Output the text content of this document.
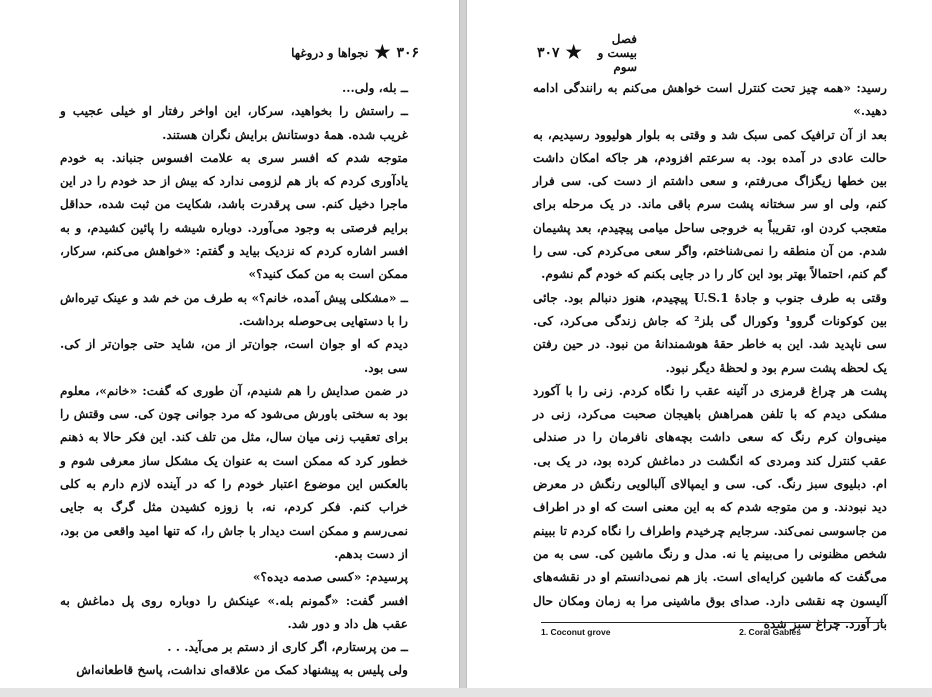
۳۰۶
★
نجواها و دروغها

ــ بله، ولی...

ــ راستش را بخواهید، سرکار، این اواخر رفتار او خیلی عجیب و غریب شده. همهٔ دوستانش برایش نگران هستند.

متوجه شدم که افسر سری به علامت افسوس جنباند. به خودم یادآوری کردم که باز هم لزومی ندارد که بیش از حد خودم را در این ماجرا دخیل کنم. سی پرقدرت باشد، شکایت من ثبت شده، حداقل برایم فرصتی به وجود می‌آورد. دوباره شیشه را پائین کشیدم، و به افسر اشاره کردم که نزدیک بیاید و گفتم: «خواهش می‌کنم، سرکار، ممکن است به من کمک کنید؟»

ــ «مشکلی پیش آمده، خانم؟» به طرف من خم شد و عینک تیره‌اش را با دستهایی بی‌حوصله برداشت.

دیدم که او جوان است، جوان‌تر از من، شاید حتی جوان‌تر از کی. سی بود.

در ضمن صدایش را هم شنیدم، آن طوری که گفت: «خانم»، معلوم بود به سختی باورش می‌شود که مرد جوانی چون کی. سی وقتش را برای تعقیب زنی میان سال، مثل من تلف کند. این فکر حالا به ذهنم خطور کرد که ممکن است به عنوان یک مشکل ساز معرفی شوم و بالعکس این موضوع اعتبار خودم را که در آینده لازم دارم به کلی خراب کنم. فکر کردم، نه، با زوزه کشیدن مثل گرگ به جایی نمی‌رسم و ممکن است دیدار با جاش را، که تنها امید واقعی من بود، از دست بدهم.

پرسیدم: «کسی صدمه دیده؟»

افسر گفت: «گمونم بله.» عینکش را دوباره روی پل دماغش به عقب هل داد و دور شد.

ــ من پرستارم، اگر کاری از دستم بر می‌آید. . .

ولی پلیس به پیشنهاد کمک من علاقه‌ای نداشت، پاسخ قاطعانه‌اش

فصل بیست و سوم
★
۳۰۷

رسید: «همه چیز تحت کنترل است خواهش می‌کنم به رانندگی ادامه دهید.»

بعد از آن ترافیک کمی سبک شد و وقتی به بلوار هولیوود رسیدیم، به حالت عادی در آمده بود. به سرعتم افزودم، هر جاکه امکان داشت بین خطها زیگزاگ می‌رفتم، و سعی داشتم از دست کی. سی فرار کنم، ولی او سر سختانه پشت سرم باقی ماند. در یک مرحله برای متعجب کردن او، تقریباً به خروجی ساحل میامی پیچیدم، بعد پشیمان شدم. من آن منطقه را نمی‌شناختم، واگر سعی می‌کردم کی. سی را گم کنم، احتمالاً بهتر بود این کار را در جایی بکنم که خودم گم نشوم.

وقتی به طرف جنوب و جادهٔ U.S.1 پیچیدم، هنوز دنبالم بود. جائی بین کوکونات گروو¹ وکورال گی بلز² که جاش زندگی می‌کرد، کی. سی ناپدید شد. این به خاطر حقهٔ هوشمندانهٔ من نبود. در حین رفتن یک لحظه پشت سرم بود و لحظهٔ دیگر نبود.

پشت هر چراغ قرمزی در آئینه عقب را نگاه کردم. زنی را با آکورد مشکی دیدم که با تلفن همراهش باهیجان صحبت می‌کرد، زنی در مینی‌وان کرم رنگ که سعی داشت بچه‌های نافرمان را در صندلی عقب کنترل کند ومردی که انگشت در دماغش کرده بود، در یک بی. ام. دبلیوی سبز رنگ. کی. سی و ایمپالای آلبالویی رنگش در معرض دید نبودند. و من متوجه شدم که به این معنی است که او در اطراف من جاسوسی نمی‌کند. سرجایم چرخیدم واطراف را نگاه کردم تا ببینم شخص مظنونی را می‌بینم یا نه. مدل و رنگ ماشین کی. سی به من می‌گفت که ماشین کرایه‌ای است. باز هم نمی‌دانستم او در نقشه‌های آلیسون چه نقشی دارد. صدای بوق ماشینی مرا به زمان ومکان حال باز آورد. چراغ سبز شده

1. Coconut grove	2. Coral Gables
